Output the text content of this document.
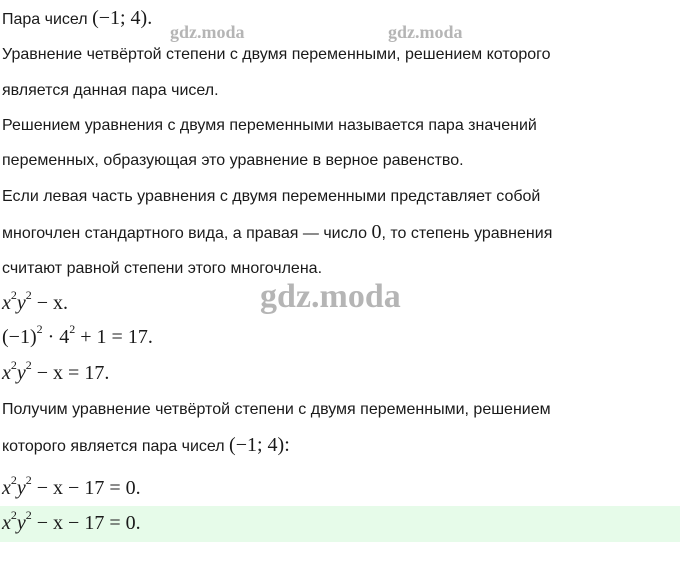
gdz.moda	gdz.moda
gdz.moda
Пара чисел (−1; 4).
Уравнение четвёртой степени с двумя переменными, решением которого
является данная пара чисел.
Решением уравнения с двумя переменными называется пара значений
переменных, образующая это уравнение в верное равенство.
Если левая часть уравнения с двумя переменными представляет собой
многочлен стандартного вида, а правая — число 0, то степень уравнения
считают равной степени этого многочлена.
$x^2y^2 - x$.
$(-1)^2 \cdot 4^2 + 1 = 17$.
$x^2y^2 - x = 17$.
Получим уравнение четвёртой степени с двумя переменными, решением
которого является пара чисел (−1; 4):
$x^2y^2 - x - 17 = 0$.
$x^2y^2 - x - 17 = 0$.
